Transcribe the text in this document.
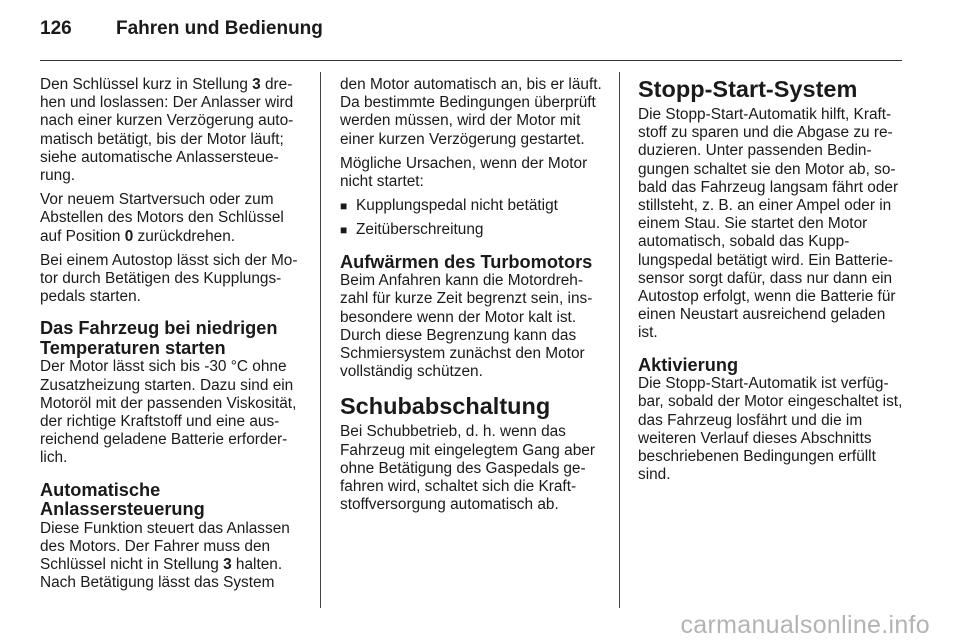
126	Fahren und Bedienung

Den Schlüssel kurz in Stellung 3 dre-hen und loslassen: Der Anlasser wird nach einer kurzen Verzögerung auto-matisch betätigt, bis der Motor läuft; siehe automatische Anlassersteue-rung.

Vor neuem Startversuch oder zum Abstellen des Motors den Schlüssel auf Position 0 zurückdrehen.

Bei einem Autostop lässt sich der Mo-tor durch Betätigen des Kupplungs-pedals starten.

Das Fahrzeug bei niedrigen Temperaturen starten

Der Motor lässt sich bis -30 °C ohne Zusatzheizung starten. Dazu sind ein Motoröl mit der passenden Viskosität, der richtige Kraftstoff und eine aus-reichend geladene Batterie erforder-lich.

Automatische Anlassersteuerung

Diese Funktion steuert das Anlassen des Motors. Der Fahrer muss den Schlüssel nicht in Stellung 3 halten. Nach Betätigung lässt das System

den Motor automatisch an, bis er läuft. Da bestimmte Bedingungen überprüft werden müssen, wird der Motor mit einer kurzen Verzögerung gestartet.

Mögliche Ursachen, wenn der Motor nicht startet:

■ Kupplungspedal nicht betätigt
■ Zeitüberschreitung
Aufwärmen des Turbomotors

Beim Anfahren kann die Motordreh-zahl für kurze Zeit begrenzt sein, ins-besondere wenn der Motor kalt ist. Durch diese Begrenzung kann das Schmiersystem zunächst den Motor vollständig schützen.

Schubabschaltung

Bei Schubbetrieb, d. h. wenn das Fahrzeug mit eingelegtem Gang aber ohne Betätigung des Gaspedals ge-fahren wird, schaltet sich die Kraft-stoffversorgung automatisch ab.

Stopp-Start-System

Die Stopp-Start-Automatik hilft, Kraft-stoff zu sparen und die Abgase zu re-duzieren. Unter passenden Bedin-gungen schaltet sie den Motor ab, so-bald das Fahrzeug langsam fährt oder stillsteht, z. B. an einer Ampel oder in einem Stau. Sie startet den Motor automatisch, sobald das Kupp-lungspedal betätigt wird. Ein Batterie-sensor sorgt dafür, dass nur dann ein Autostop erfolgt, wenn die Batterie für einen Neustart ausreichend geladen ist.

Aktivierung

Die Stopp-Start-Automatik ist verfüg-bar, sobald der Motor eingeschaltet ist, das Fahrzeug losfährt und die im weiteren Verlauf dieses Abschnitts beschriebenen Bedingungen erfüllt sind.

carmanualsonline.info
